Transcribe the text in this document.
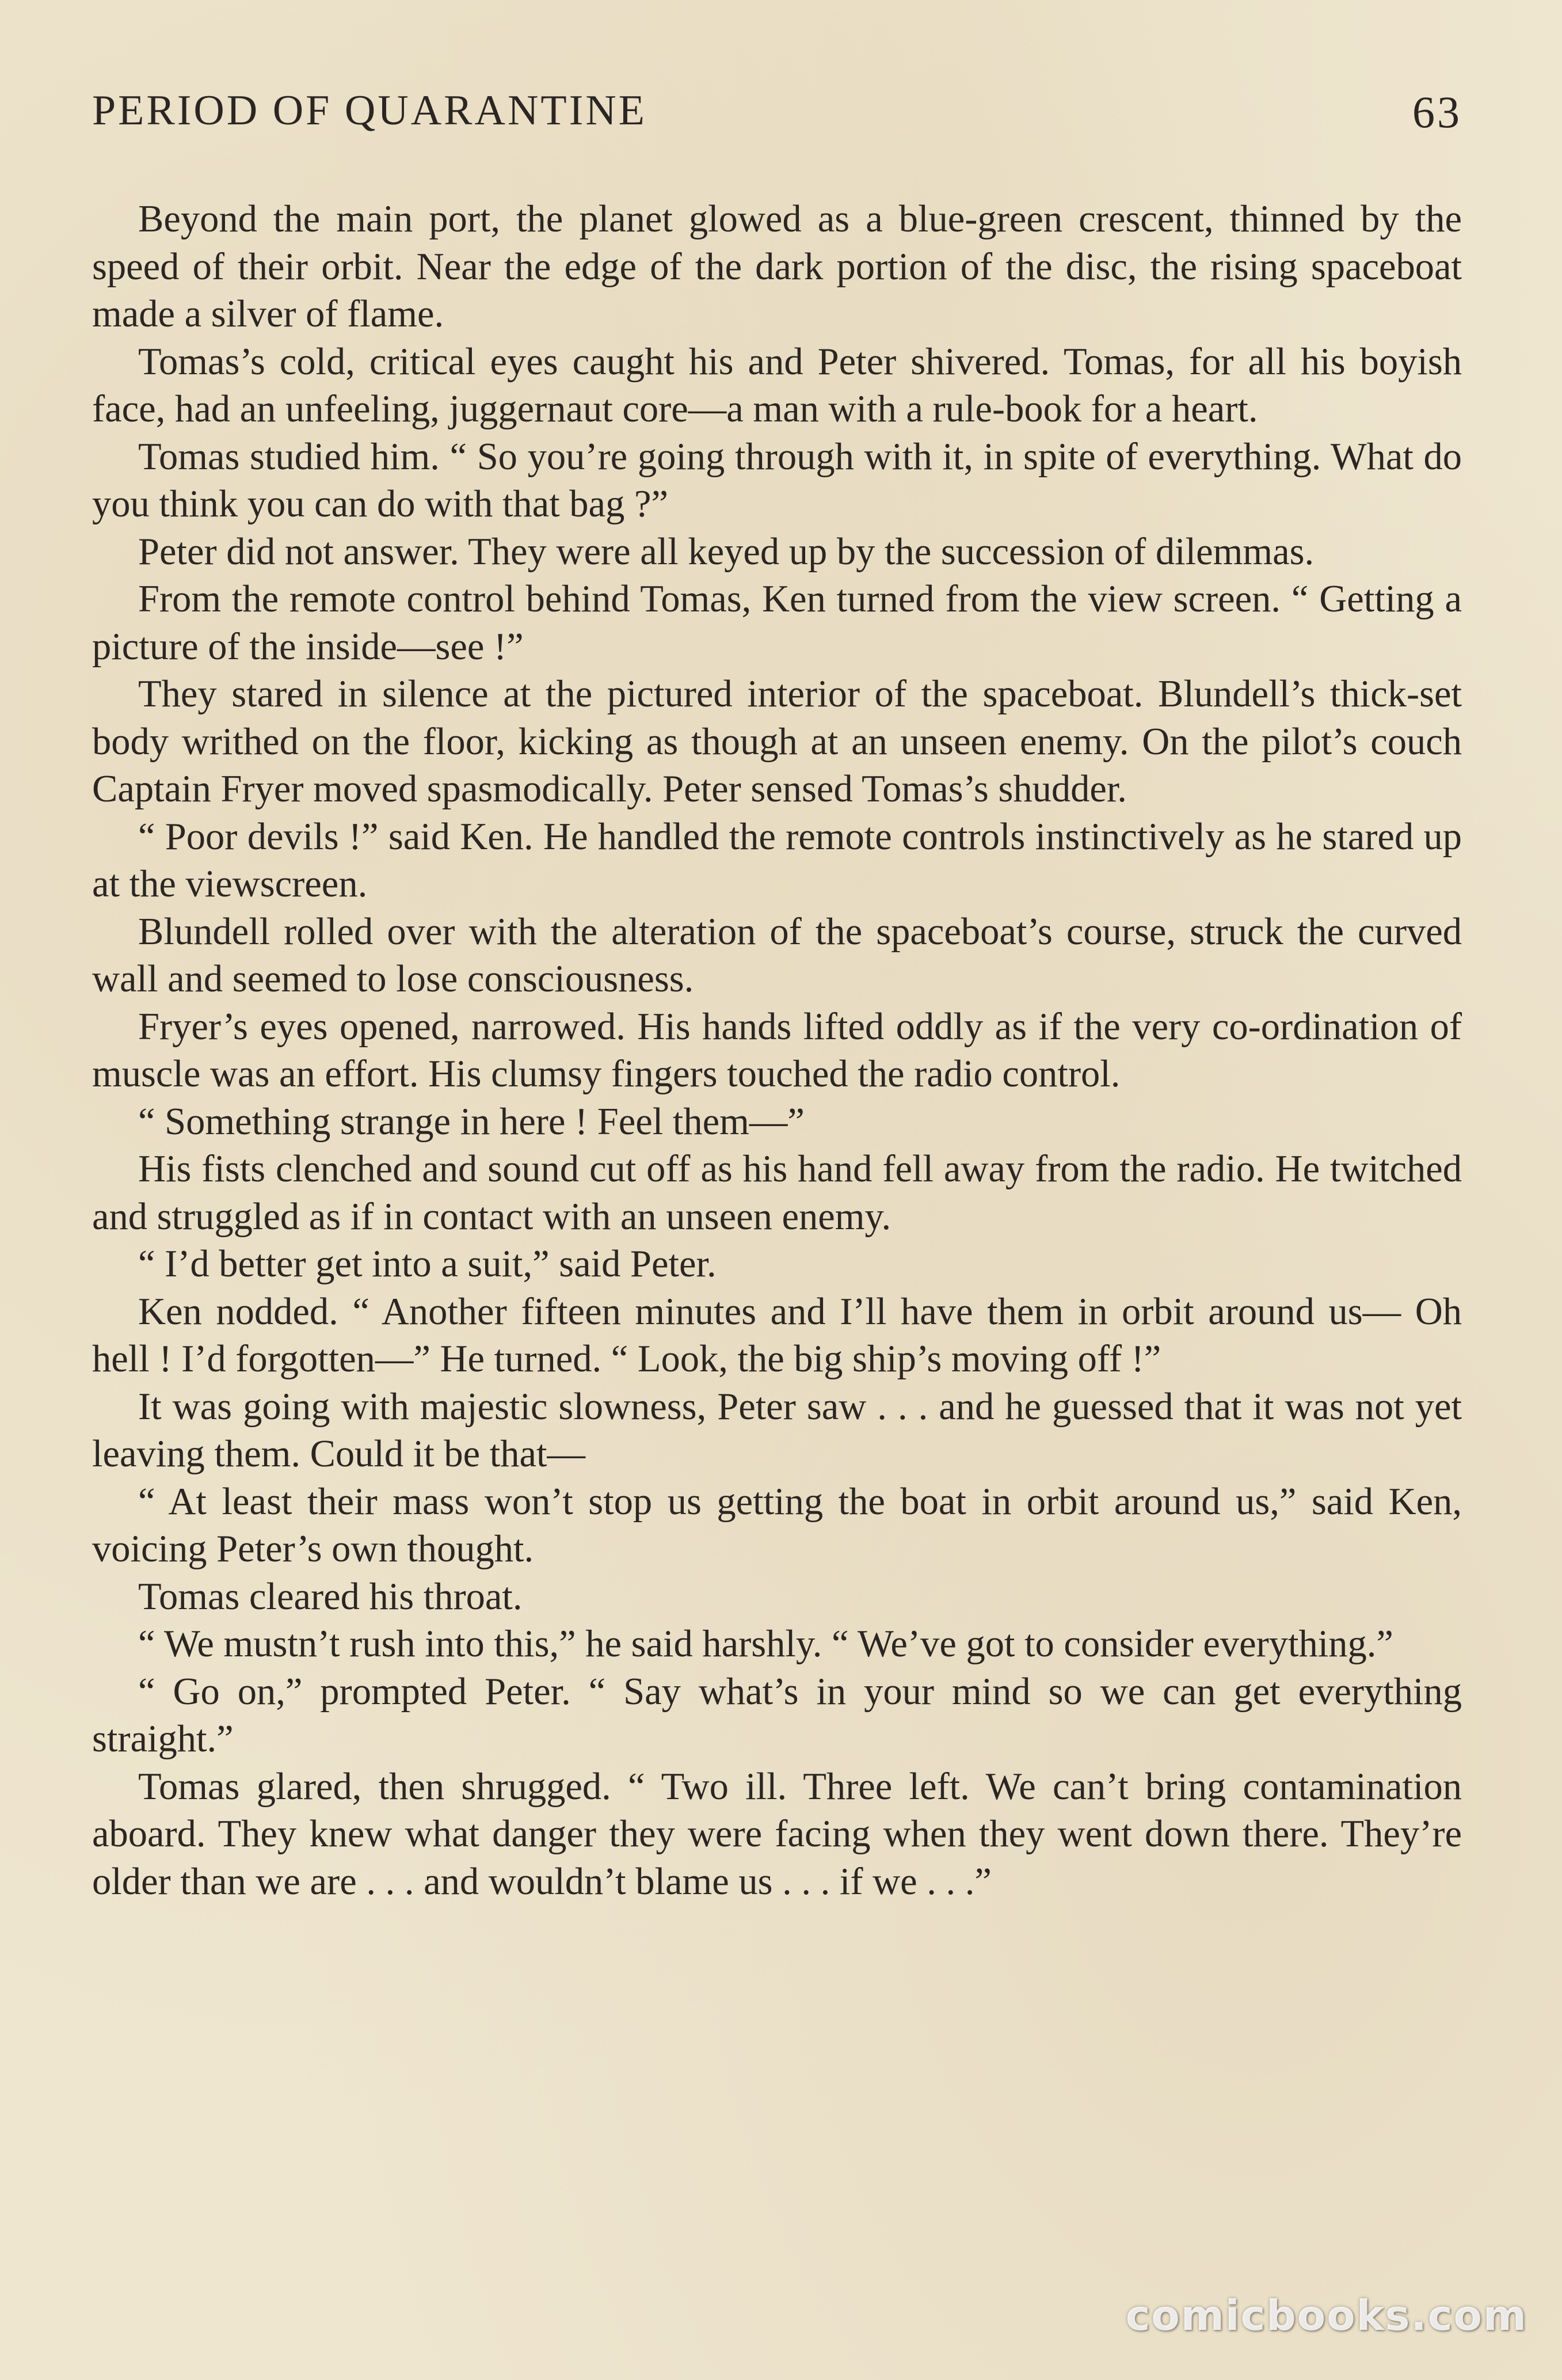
PERIOD OF QUARANTINE	63

Beyond the main port, the planet glowed as a blue-green crescent, thinned by the speed of their orbit. Near the edge of the dark portion of the disc, the rising spaceboat made a silver of flame.

Tomas’s cold, critical eyes caught his and Peter shivered. Tomas, for all his boyish face, had an unfeeling, juggernaut core—a man with a rule-book for a heart.

Tomas studied him. “ So you’re going through with it, in spite of everything. What do you think you can do with that bag ?”

Peter did not answer. They were all keyed up by the succession of dilemmas.

From the remote control behind Tomas, Ken turned from the view screen. “ Getting a picture of the inside—see !”

They stared in silence at the pictured interior of the spaceboat. Blundell’s thick-set body writhed on the floor, kicking as though at an unseen enemy. On the pilot’s couch Captain Fryer moved spasmodically. Peter sensed Tomas’s shudder.

“ Poor devils !” said Ken. He handled the remote controls instinctively as he stared up at the viewscreen.

Blundell rolled over with the alteration of the spaceboat’s course, struck the curved wall and seemed to lose consciousness.

Fryer’s eyes opened, narrowed. His hands lifted oddly as if the very co-ordination of muscle was an effort. His clumsy fingers touched the radio control.

“ Something strange in here ! Feel them—”

His fists clenched and sound cut off as his hand fell away from the radio. He twitched and struggled as if in contact with an unseen enemy.

“ I’d better get into a suit,” said Peter.

Ken nodded. “ Another fifteen minutes and I’ll have them in orbit around us— Oh hell ! I’d forgotten—” He turned. “ Look, the big ship’s moving off !”

It was going with majestic slowness, Peter saw . . . and he guessed that it was not yet leaving them. Could it be that—

“ At least their mass won’t stop us getting the boat in orbit around us,” said Ken, voicing Peter’s own thought.

Tomas cleared his throat.

“ We mustn’t rush into this,” he said harshly. “ We’ve got to consider everything.”

“ Go on,” prompted Peter. “ Say what’s in your mind so we can get everything straight.”

Tomas glared, then shrugged. “ Two ill. Three left. We can’t bring contamination aboard. They knew what danger they were facing when they went down there. They’re older than we are . . . and wouldn’t blame us . . . if we . . .”

comicbooks.com
